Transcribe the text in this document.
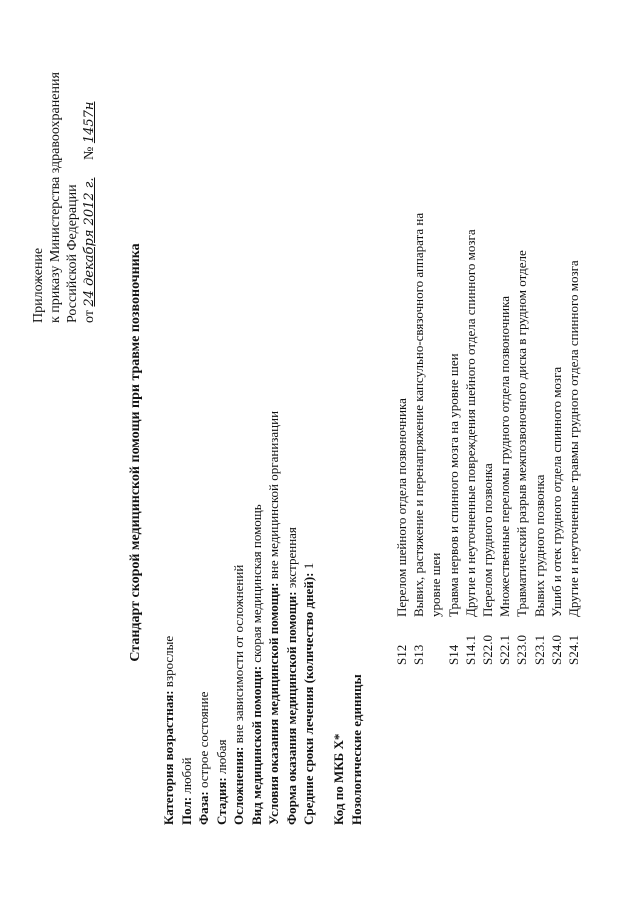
Приложение к приказу Министерства здравоохранения Российской Федерации от 24 декабря 2012 г.     № 1457н
Стандарт скорой медицинской помощи при травме позвоночника
Категория возрастная: взрослые
Пол: любой
Фаза: острое состояние
Стадия: любая Осложнения: вне зависимости от осложнений
Вид медицинской помощи: скорая медицинская помощь Условия оказания медицинской помощи: вне медицинской организации
Форма оказания медицинской помощи: экстренная
Средние сроки лечения (количество дней): 1
Код по МКБ X* Нозологические единицы
S12
Перелом шейного отдела позвоночника
S13
Вывих, растяжение и перенапряжение капсульно-связочного аппарата на уровне шеи
S14
Травма нервов и спинного мозга на уровне шеи
S14.1
Другие и неуточненные повреждения шейного отдела спинного мозга
S22.0
Перелом грудного позвонка
S22.1
Множественные переломы грудного отдела позвоночника
S23.0
Травматический разрыв межпозвоночного диска в грудном отделе
S23.1
Вывих грудного позвонка
S24.0
Ушиб и отек грудного отдела спинного мозга
S24.1
Другие и неуточненные травмы грудного отдела спинного мозга
